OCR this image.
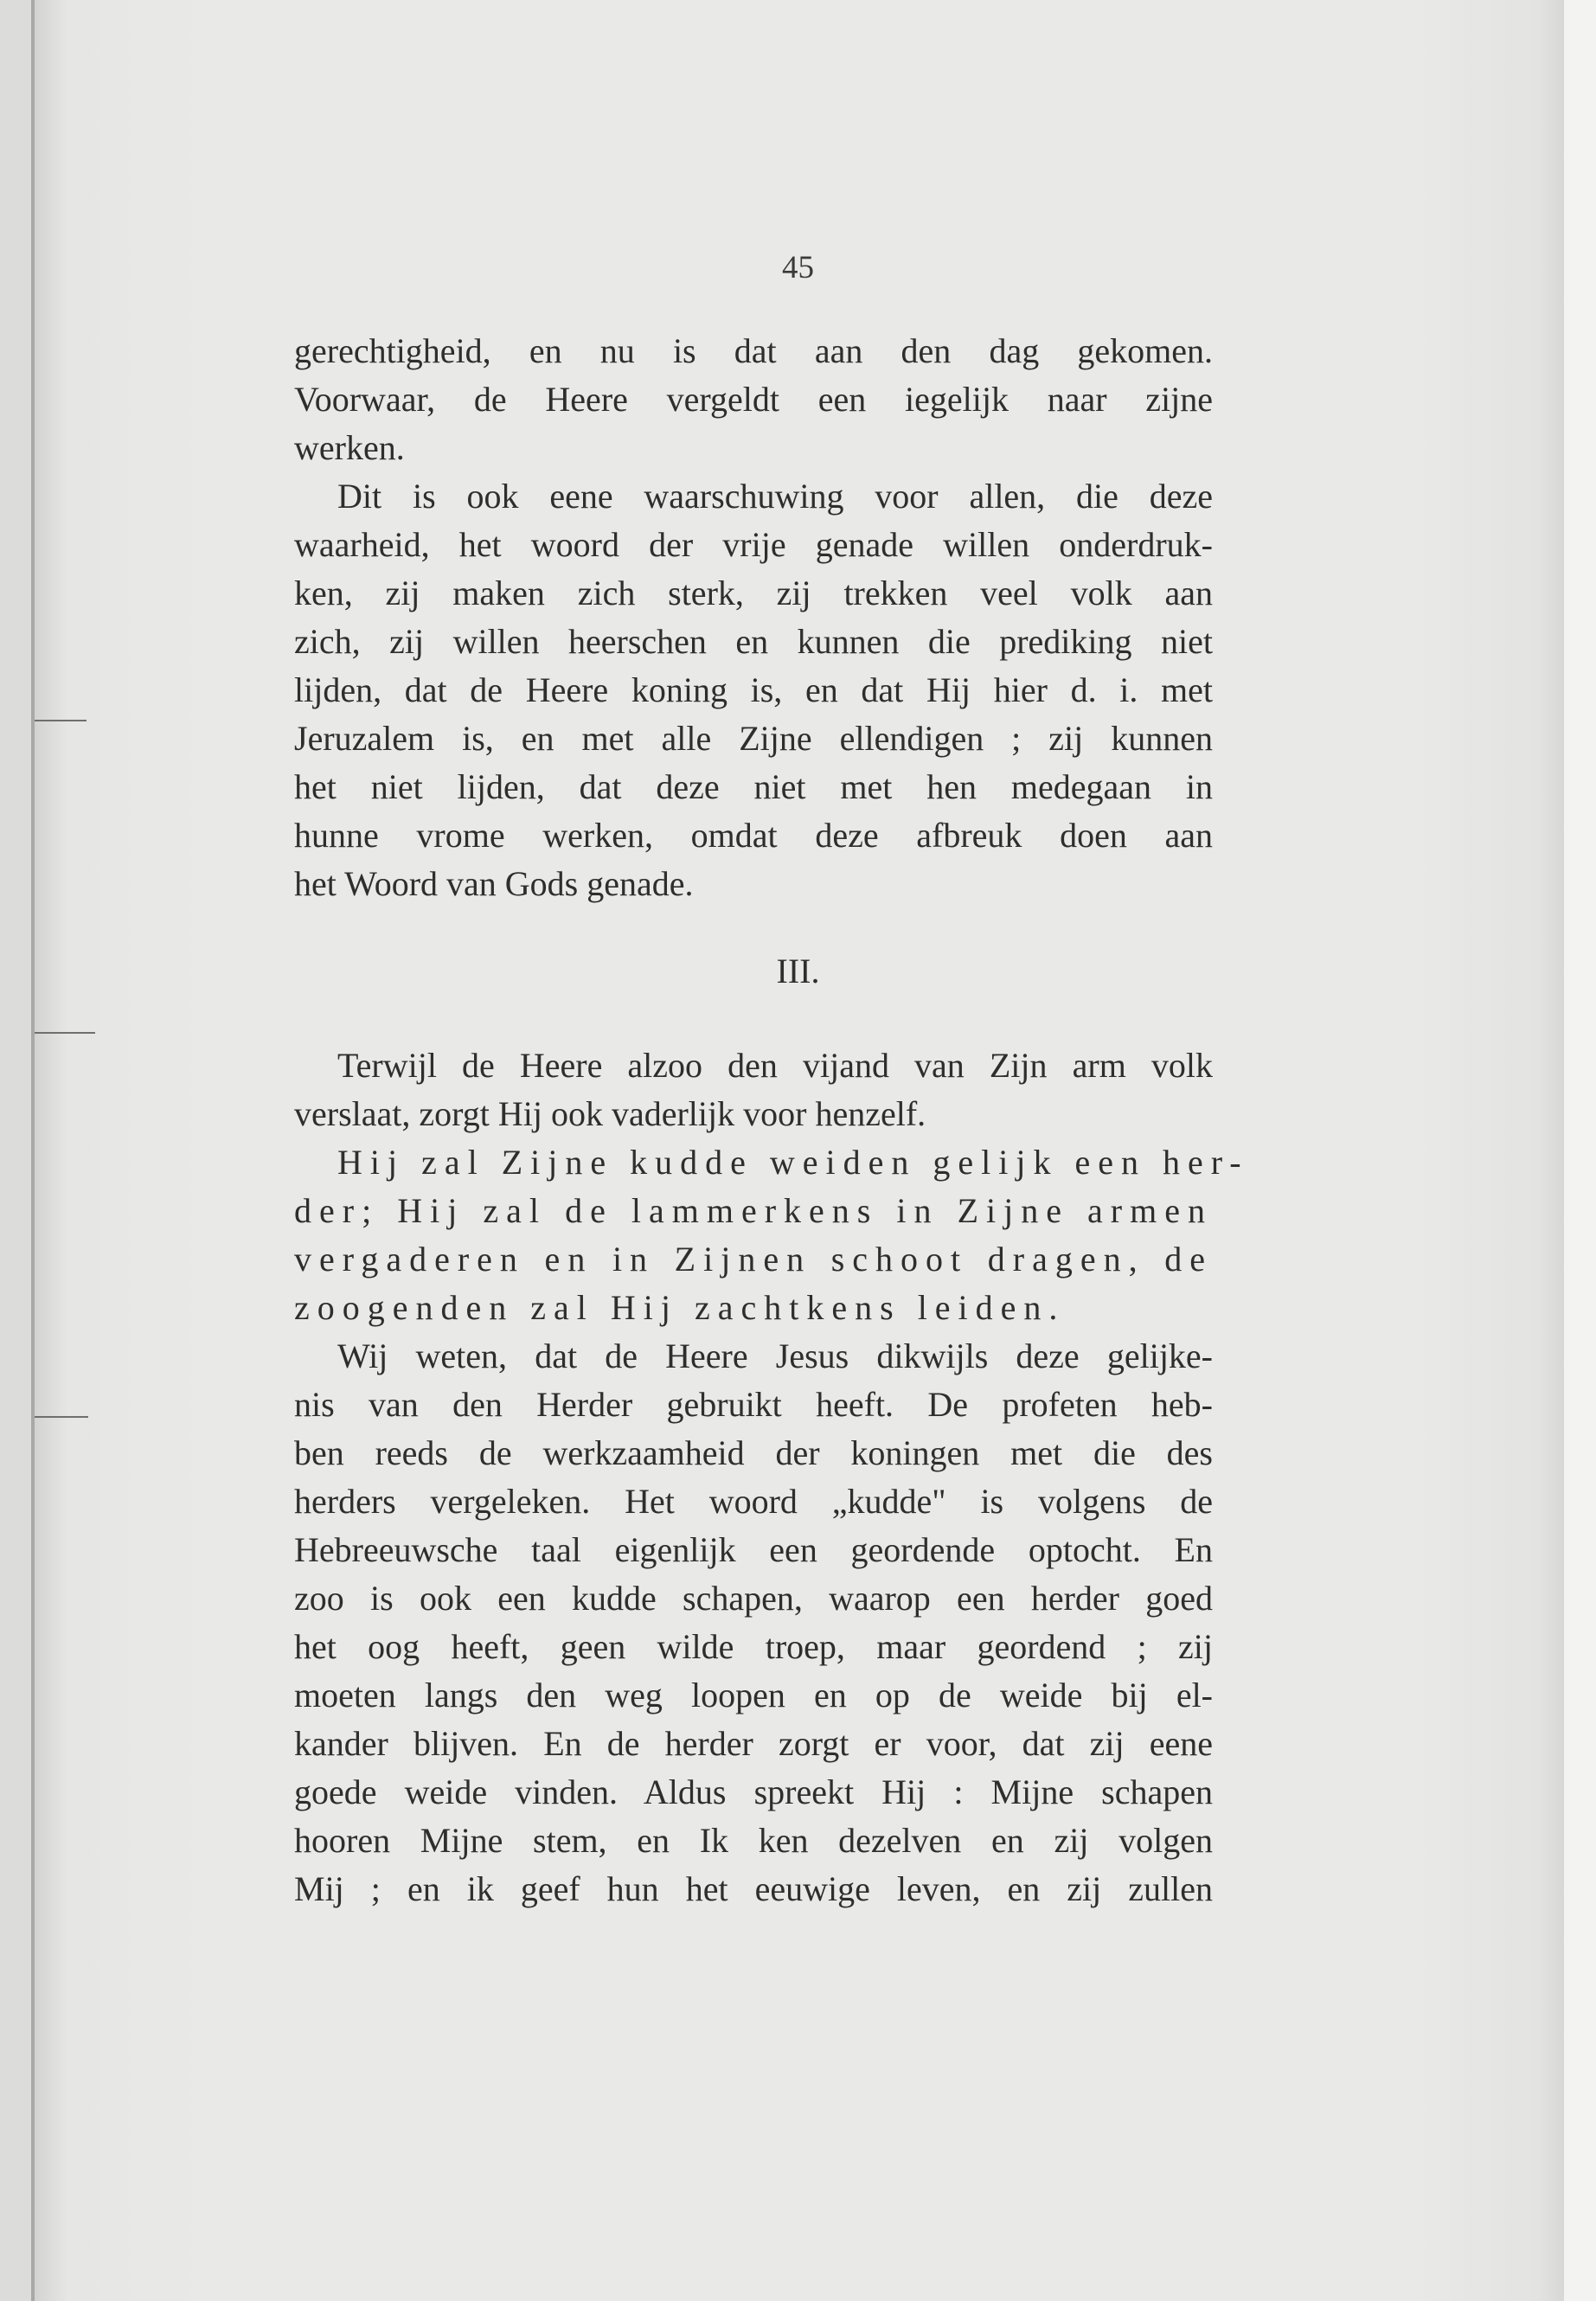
45
gerechtigheid, en nu is dat aan den dag gekomen.
Voorwaar, de Heere vergeldt een iegelijk naar zijne
werken.
Dit is ook eene waarschuwing voor allen, die deze
waarheid, het woord der vrije genade willen onderdruk-
ken, zij maken zich sterk, zij trekken veel volk aan
zich, zij willen heerschen en kunnen die prediking niet
lijden, dat de Heere koning is, en dat Hij hier d. i. met
Jeruzalem is, en met alle Zijne ellendigen ; zij kunnen
het niet lijden, dat deze niet met hen medegaan in
hunne vrome werken, omdat deze afbreuk doen aan
het Woord van Gods genade.
III.
Terwijl de Heere alzoo den vijand van Zijn arm volk
verslaat, zorgt Hij ook vaderlijk voor henzelf.
Hij zal Zijne kudde weiden gelijk een her-
der; Hij zal de lammerkens in Zijne armen
vergaderen en in Zijnen schoot dragen, de
zoogenden zal Hij zachtkens leiden.
Wij weten, dat de Heere Jesus dikwijls deze gelijke-
nis van den Herder gebruikt heeft. De profeten heb-
ben reeds de werkzaamheid der koningen met die des
herders vergeleken. Het woord „kudde" is volgens de
Hebreeuwsche taal eigenlijk een geordende optocht. En
zoo is ook een kudde schapen, waarop een herder goed
het oog heeft, geen wilde troep, maar geordend ; zij
moeten langs den weg loopen en op de weide bij el-
kander blijven. En de herder zorgt er voor, dat zij eene
goede weide vinden. Aldus spreekt Hij : Mijne schapen
hooren Mijne stem, en Ik ken dezelven en zij volgen
Mij ; en ik geef hun het eeuwige leven, en zij zullen
